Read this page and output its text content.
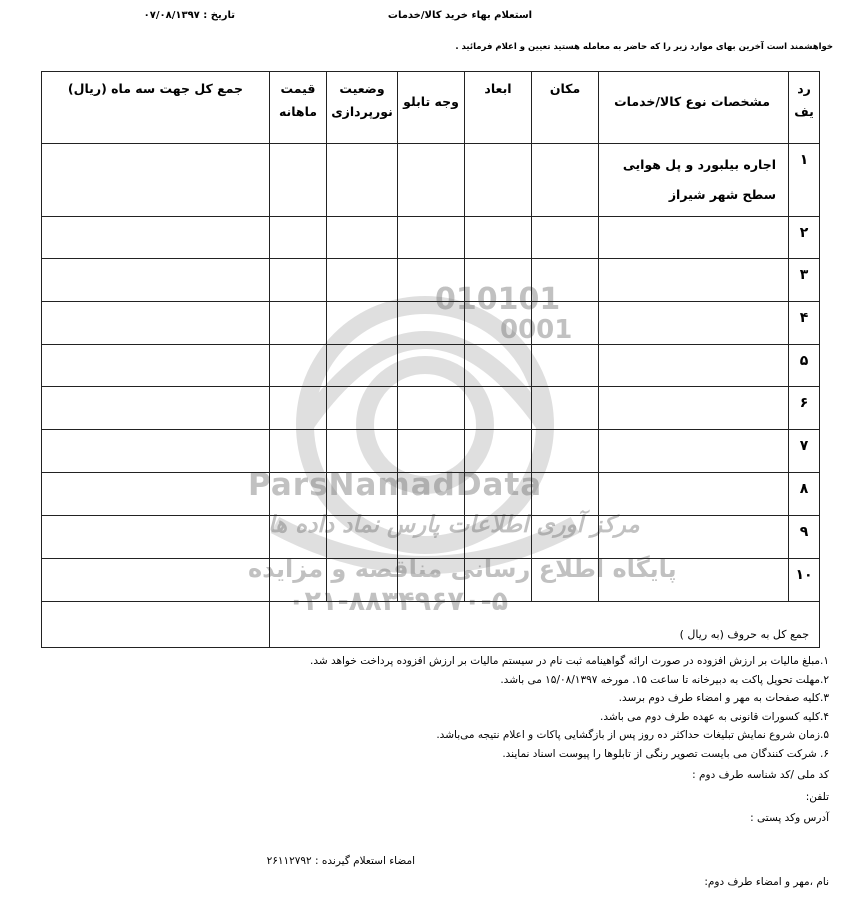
استعلام بهاء خرید کالا/خدمات
تاریخ : ۰۷/۰۸/۱۳۹۷
خواهشمند است آخرین بهای موارد زیر را که حاضر به معامله هستید تعیین و اعلام فرمائید .
010101
0001
ParsNamadData
مرکز آوری اطلاعات پارس نماد داده ها
پایگاه اطلاع رسانی مناقصه و مزایده
۰۲۱-۸۸۳۴۹۶۷۰-۵
رد یف	مشخصات نوع کالا/خدمات	مکان	ابعاد	وجه تابلو	وضعیت نورپردازی	قیمت ماهانه	جمع کل جهت سه ماه (ریال)
۱	اجاره بیلبورد و پل هوایی سطح شهر شیراز						
۲							
۳							
۴							
۵							
۶							
۷							
۸							
۹							
۱۰							
جمع کل به حروف (به ریال )							
۱.مبلغ مالیات بر ارزش افزوده در صورت ارائه گواهینامه ثبت نام در سیستم مالیات بر ارزش افزوده پرداخت خواهد شد.
۲.مهلت تحویل پاکت به دبیرخانه تا ساعت ۱۵. مورخه ۱۵/۰۸/۱۳۹۷ می باشد.
۳.کلیه صفحات به مهر و امضاء طرف دوم برسد.
۴.کلیه کسورات قانونی به عهده طرف دوم می باشد.
۵.زمان شروع نمایش تبلیغات حداکثر ده روز پس از بازگشایی پاکات و اعلام نتیجه می‌باشد.
۶. شرکت کنندگان می بایست تصویر رنگی از تابلوها را پیوست اسناد نمایند.
کد ملی /کد شناسه طرف دوم :
تلفن:
آدرس وکد پستی :
امضاء استعلام گیرنده : ۲۶۱۱۲۷۹۲
نام ،مهر و امضاء طرف دوم:
